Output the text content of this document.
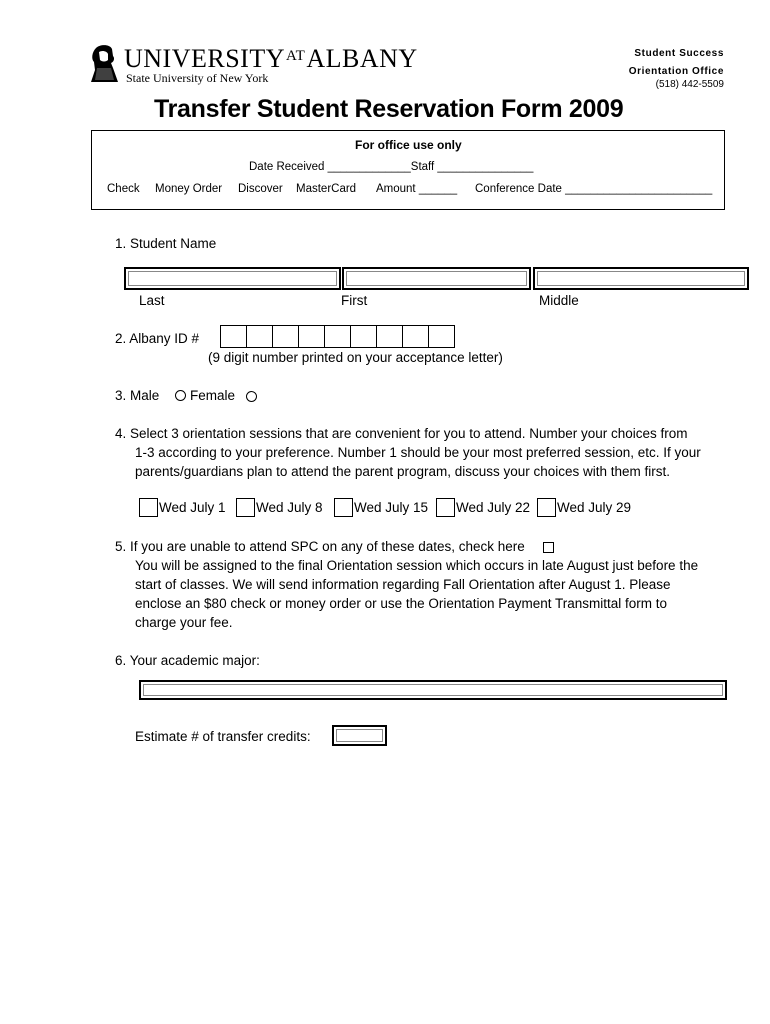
$UNIVERSITY^{AT}ALBANY$
State University of New York
Student Success
Orientation Office
(518) 442-5509
Transfer Student Reservation Form 2009
For office use only
Date Received _____________Staff _______________
Check Money Order Discover MasterCard Amount ______ Conference Date _______________________
1. Student Name
Last	First	Middle
2. Albany ID #
(9 digit number printed on your acceptance letter)
3. Male Female
4. Select 3 orientation sessions that are convenient for you to attend. Number your choices from
1-3 according to your preference. Number 1 should be your most preferred session, etc. If your
parents/guardians plan to attend the parent program, discuss your choices with them first.
Wed July 1 Wed July 8 Wed July 15 Wed July 22 Wed July 29
5. If you are unable to attend SPC on any of these dates, check here
You will be assigned to the final Orientation session which occurs in late August just before the
start of classes. We will send information regarding Fall Orientation after August 1. Please
enclose an $80 check or money order or use the Orientation Payment Transmittal form to
charge your fee.
6. Your academic major:
Estimate # of transfer credits:
